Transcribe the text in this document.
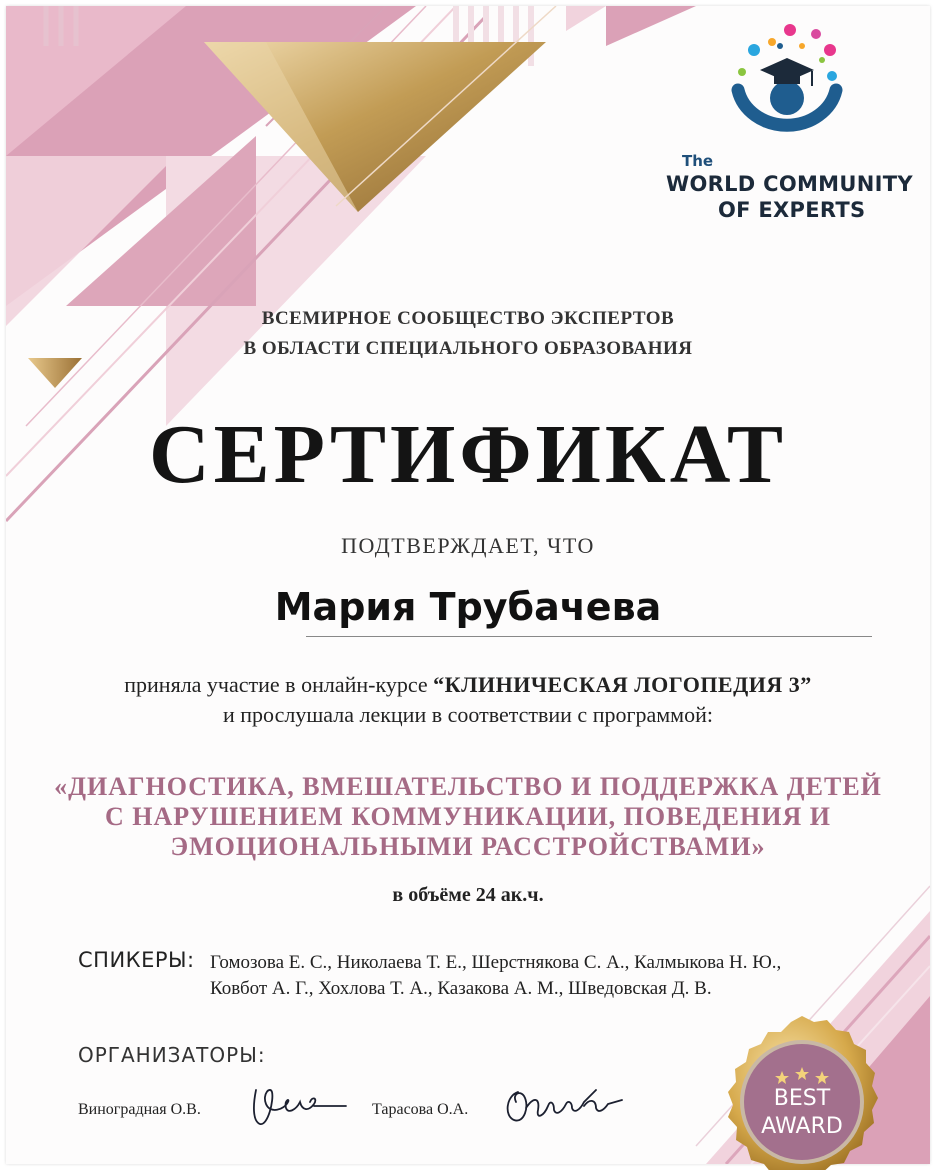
The
WORLD COMMUNITY
OF EXPERTS
ВСЕМИРНОЕ СООБЩЕСТВО ЭКСПЕРТОВ
В ОБЛАСТИ СПЕЦИАЛЬНОГО ОБРАЗОВАНИЯ
СЕРТИФИКАТ
ПОДТВЕРЖДАЕТ, ЧТО
Мария Трубачева
приняла участие в онлайн-курсе “КЛИНИЧЕСКАЯ ЛОГОПЕДИЯ 3”
и прослушала лекции в соответствии с программой:
«ДИАГНОСТИКА, ВМЕШАТЕЛЬСТВО И ПОДДЕРЖКА ДЕТЕЙ
С НАРУШЕНИЕМ КОММУНИКАЦИИ, ПОВЕДЕНИЯ И
ЭМОЦИОНАЛЬНЫМИ РАССТРОЙСТВАМИ»
в объёме 24 ак.ч.
СПИКЕРЫ: Гомозова Е. С., Николаева Т. Е., Шерстнякова С. А., Калмыкова Н. Ю.,
Ковбот А. Г., Хохлова Т. А., Казакова А. М., Шведовская Д. В.
ОРГАНИЗАТОРЫ:
Виноградная О.В.	Тарасова О.А.	BEST
AWARD
